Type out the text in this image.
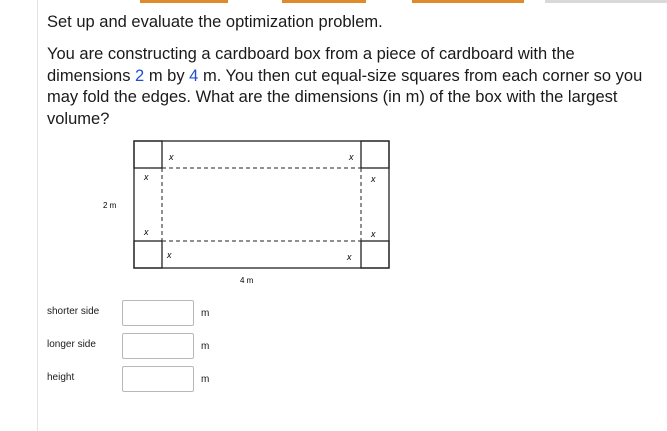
Set up and evaluate the optimization problem.
You are constructing a cardboard box from a piece of cardboard with the dimensions 2 m by 4 m. You then cut equal-size squares from each corner so you may fold the edges. What are the dimensions (in m) of the box with the largest volume?
x	x
x	x
x	x
x	x
2 m
4 m
shorter side	m
longer side	m
height	m
